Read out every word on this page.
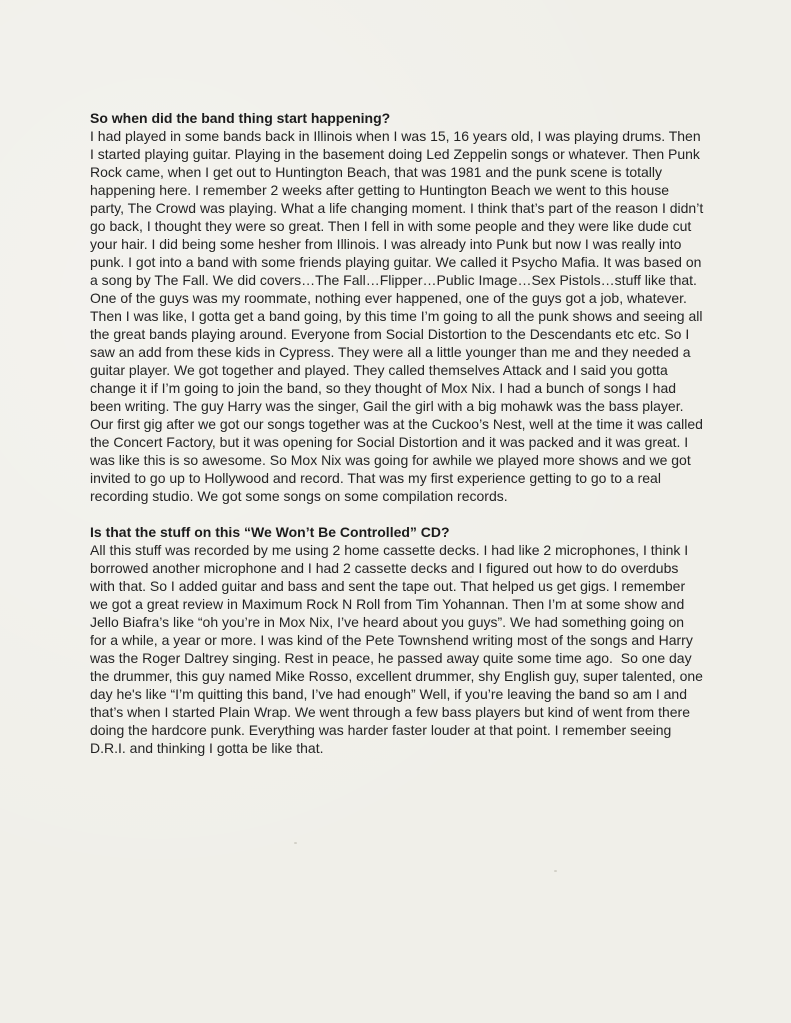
So when did the band thing start happening?

I had played in some bands back in Illinois when I was 15, 16 years old, I was playing drums. Then I started playing guitar. Playing in the basement doing Led Zeppelin songs or whatever. Then Punk Rock came, when I get out to Huntington Beach, that was 1981 and the punk scene is totally happening here. I remember 2 weeks after getting to Huntington Beach we went to this house party, The Crowd was playing. What a life changing moment. I think that’s part of the reason I didn’t go back, I thought they were so great. Then I fell in with some people and they were like dude cut your hair. I did being some hesher from Illinois. I was already into Punk but now I was really into punk. I got into a band with some friends playing guitar. We called it Psycho Mafia. It was based on a song by The Fall. We did covers…The Fall…Flipper…Public Image…Sex Pistols…stuff like that. One of the guys was my roommate, nothing ever happened, one of the guys got a job, whatever. Then I was like, I gotta get a band going, by this time I’m going to all the punk shows and seeing all the great bands playing around. Everyone from Social Distortion to the Descendants etc etc. So I saw an add from these kids in Cypress. They were all a little younger than me and they needed a guitar player. We got together and played. They called themselves Attack and I said you gotta change it if I’m going to join the band, so they thought of Mox Nix. I had a bunch of songs I had been writing. The guy Harry was the singer, Gail the girl with a big mohawk was the bass player.  Our first gig after we got our songs together was at the Cuckoo’s Nest, well at the time it was called the Concert Factory, but it was opening for Social Distortion and it was packed and it was great. I was like this is so awesome. So Mox Nix was going for awhile we played more shows and we got invited to go up to Hollywood and record. That was my first experience getting to go to a real recording studio. We got some songs on some compilation records.

Is that the stuff on this “We Won’t Be Controlled” CD?

All this stuff was recorded by me using 2 home cassette decks. I had like 2 microphones, I think I borrowed another microphone and I had 2 cassette decks and I figured out how to do overdubs with that. So I added guitar and bass and sent the tape out. That helped us get gigs. I remember we got a great review in Maximum Rock N Roll from Tim Yohannan. Then I’m at some show and Jello Biafra’s like “oh you’re in Mox Nix, I’ve heard about you guys”. We had something going on for a while, a year or more. I was kind of the Pete Townshend writing most of the songs and Harry was the Roger Daltrey singing. Rest in peace, he passed away quite some time ago.  So one day the drummer, this guy named Mike Rosso, excellent drummer, shy English guy, super talented, one day he's like “I’m quitting this band, I’ve had enough” Well, if you’re leaving the band so am I and that’s when I started Plain Wrap. We went through a few bass players but kind of went from there doing the hardcore punk. Everything was harder faster louder at that point. I remember seeing D.R.I. and thinking I gotta be like that.
